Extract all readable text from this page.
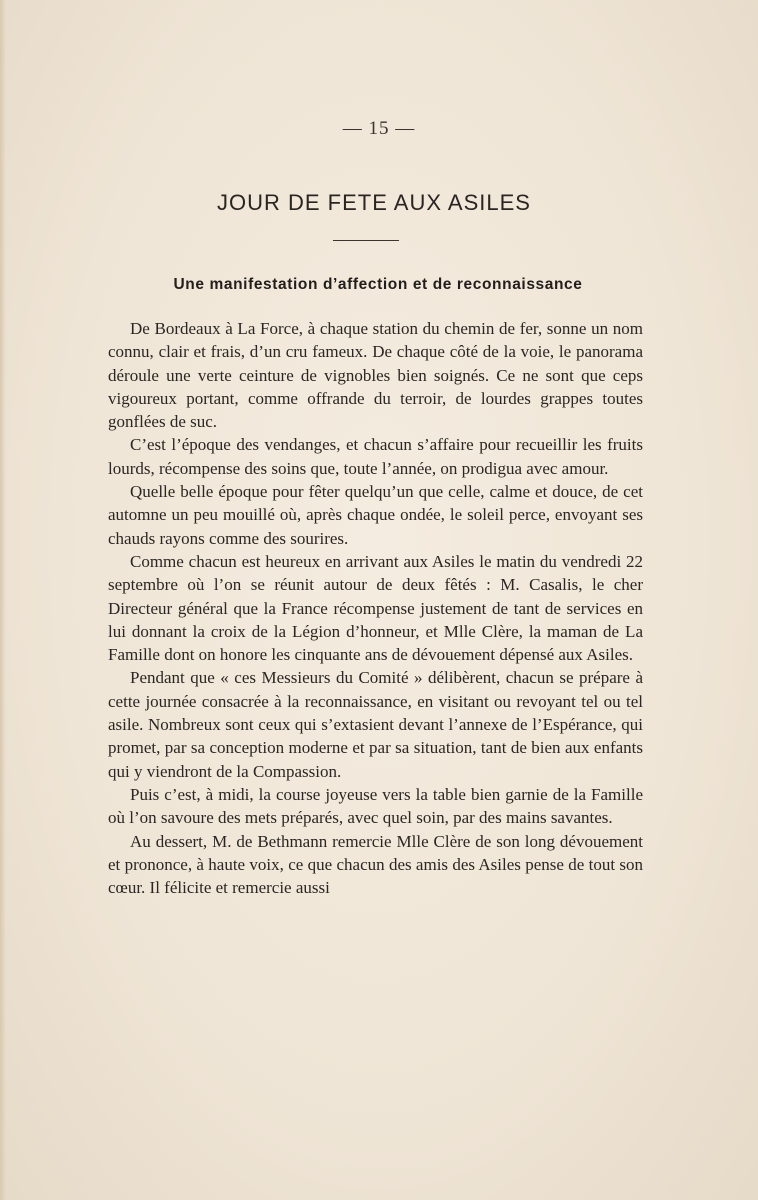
— 15 —
JOUR DE FETE AUX ASILES
Une manifestation d’affection et de reconnaissance

De Bordeaux à La Force, à chaque station du chemin de fer, sonne un nom connu, clair et frais, d’un cru fameux. De chaque côté de la voie, le panorama déroule une verte ceinture de vignobles bien soignés. Ce ne sont que ceps vigoureux portant, comme offrande du terroir, de lourdes grappes toutes gonflées de suc.

C’est l’époque des vendanges, et chacun s’affaire pour recueillir les fruits lourds, récompense des soins que, toute l’année, on prodigua avec amour.

Quelle belle époque pour fêter quelqu’un que celle, calme et douce, de cet automne un peu mouillé où, après chaque ondée, le soleil perce, envoyant ses chauds rayons comme des sourires.

Comme chacun est heureux en arrivant aux Asiles le matin du vendredi 22 septembre où l’on se réunit autour de deux fêtés : M. Casalis, le cher Directeur général que la France récompense justement de tant de services en lui donnant la croix de la Légion d’honneur, et Mlle Clère, la maman de La Famille dont on honore les cinquante ans de dévouement dépensé aux Asiles.

Pendant que « ces Messieurs du Comité » délibèrent, chacun se prépare à cette journée consacrée à la reconnaissance, en visitant ou revoyant tel ou tel asile. Nombreux sont ceux qui s’extasient devant l’annexe de l’Espérance, qui promet, par sa conception moderne et par sa situation, tant de bien aux enfants qui y viendront de la Compassion.

Puis c’est, à midi, la course joyeuse vers la table bien garnie de la Famille où l’on savoure des mets préparés, avec quel soin, par des mains savantes.

Au dessert, M. de Bethmann remercie Mlle Clère de son long dévouement et prononce, à haute voix, ce que chacun des amis des Asiles pense de tout son cœur. Il félicite et remercie aussi
